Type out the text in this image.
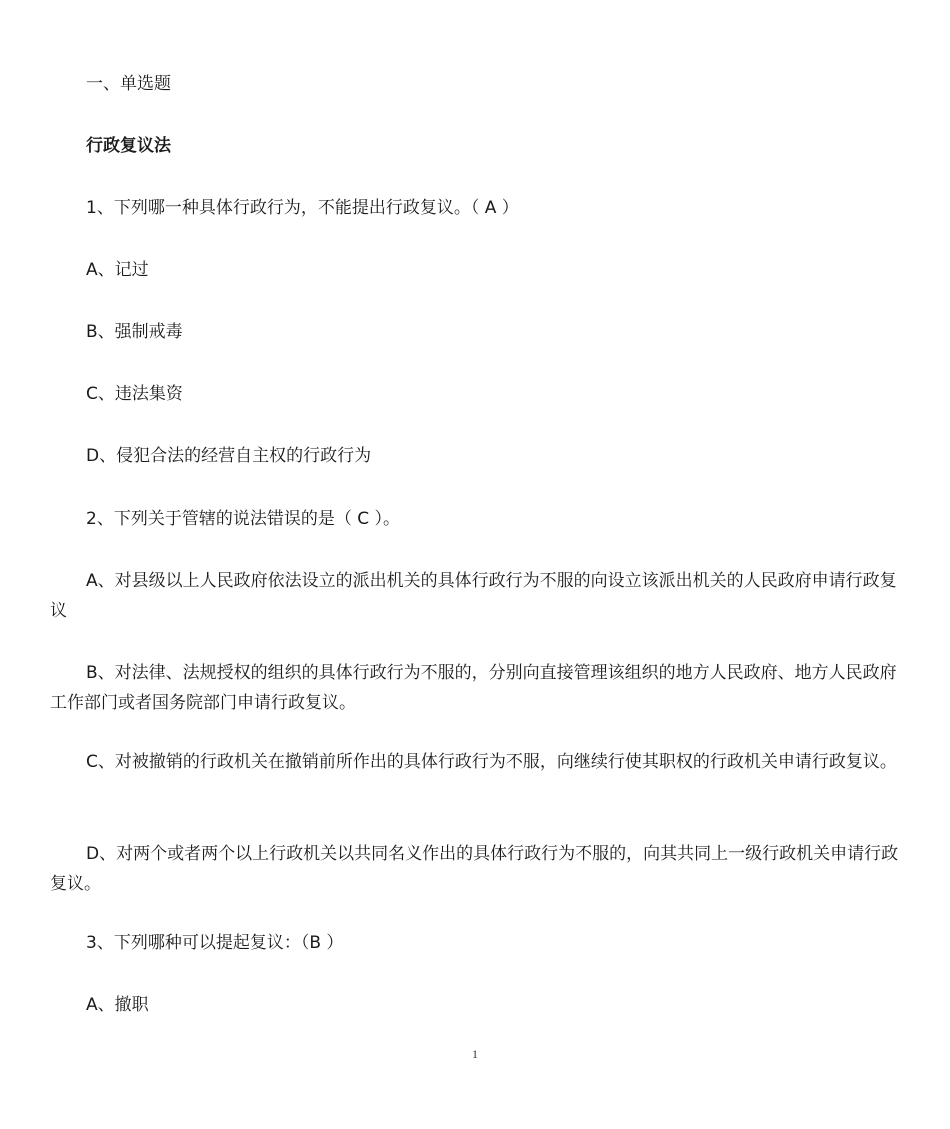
一、单选题
行政复议法
1、下列哪一种具体行政行为，不能提出行政复议。（ A ）
A、记过
B、强制戒毒
C、违法集资
D、侵犯合法的经营自主权的行政行为
2、下列关于管辖的说法错误的是（ C ）。
A、对县级以上人民政府依法设立的派出机关的具体行政行为不服的向设立该派出机关的人民政府申请行政复议
B、对法律、法规授权的组织的具体行政行为不服的，分别向直接管理该组织的地方人民政府、地方人民政府工作部门或者国务院部门申请行政复议。
C、对被撤销的行政机关在撤销前所作出的具体行政行为不服，向继续行使其职权的行政机关申请行政复议。
D、对两个或者两个以上行政机关以共同名义作出的具体行政行为不服的，向其共同上一级行政机关申请行政复议。
3、下列哪种可以提起复议：（B ）
A、撤职
1
